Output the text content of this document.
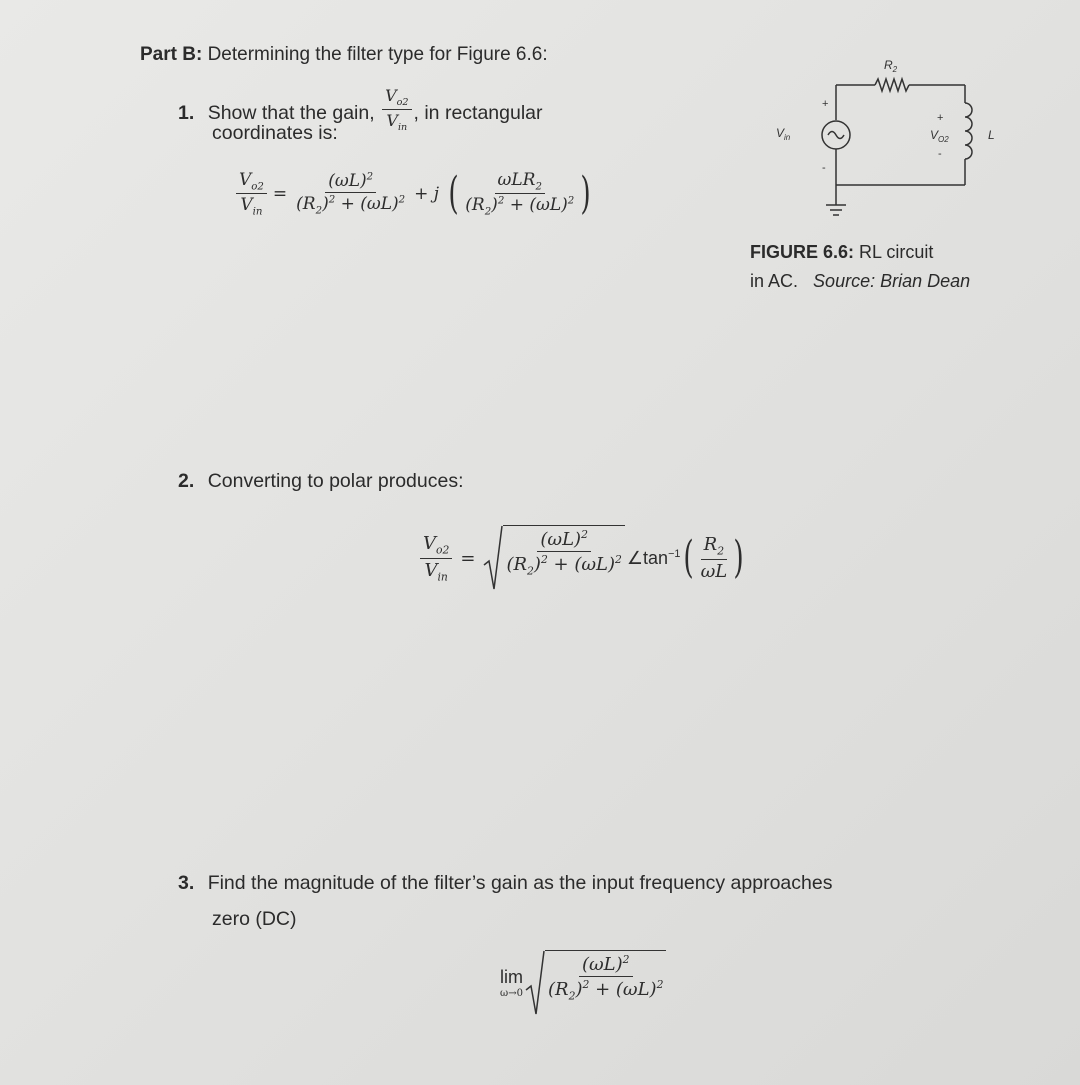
Part B: Determining the filter type for Figure 6.6:
1. Show that the gain, $\frac{V_{o2}}{V_{in}}$ , in rectangular
coordinates is:
$\frac{V_{o2}}{V_{in}} = \frac{(\omega L)^2}{(R_2)^2 + (\omega L)^2} + j$ ( $\frac{\omega LR_2}{(R_2)^2 + (\omega L)^2}$ )
$R_2$
$V_{in}$
+
-
$V_{O2}$
+
-
L
FIGURE 6.6: RL circuit
in AC. Source: Brian Dean
2. Converting to polar produces:
$\frac{V_{o2}}{V_{in}} = \frac{(\omega L)^2}{(R_2)^2 + (\omega L)^2}$ $\angle\tan^{-1}$ ( $\frac{R_2}{\omega L}$ )
3. Find the magnitude of the filter’s gain as the input frequency approaches
zero (DC)
lim
$\omega\to 0 \frac{(\omega L)^2}{(R_2)^2 + (\omega L)^2}$
